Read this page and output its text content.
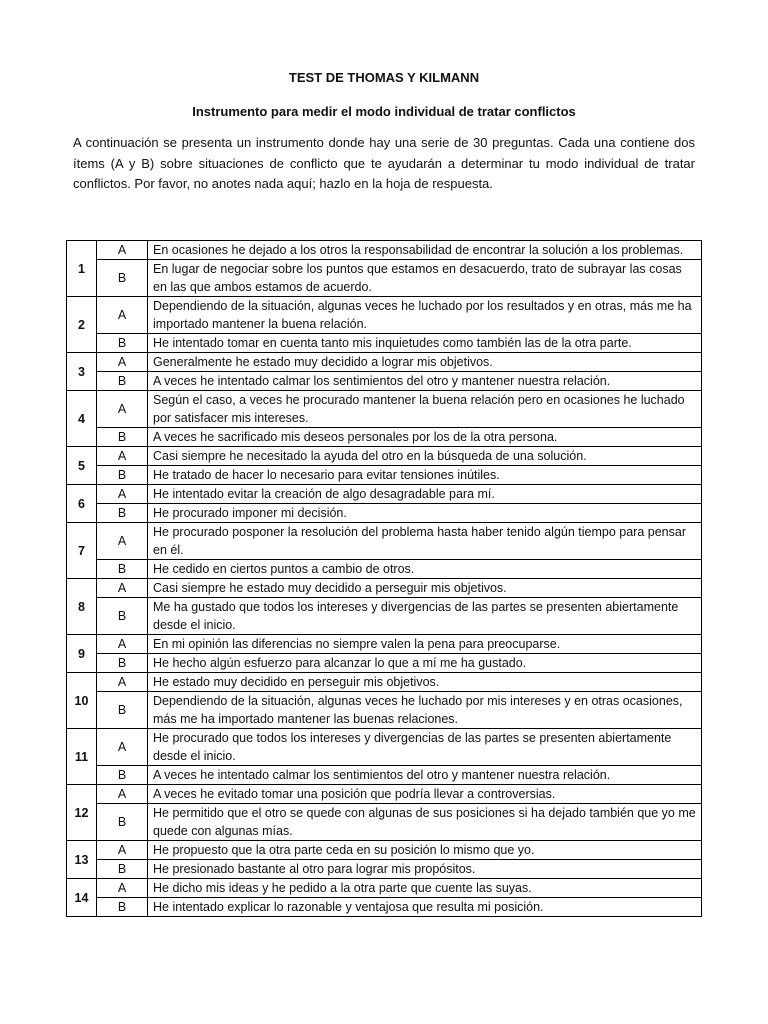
TEST DE THOMAS Y KILMANN

Instrumento para medir el modo individual de tratar conflictos

A continuación se presenta un instrumento donde hay una serie de 30 preguntas. Cada una contiene dos ítems (A y B) sobre situaciones de conflicto que te ayudarán a determinar tu modo individual de tratar conflictos. Por favor, no anotes nada aquí; hazlo en la hoja de respuesta.

1	A	En ocasiones he dejado a los otros la responsabilidad de encontrar la solución a los problemas.
	B	En lugar de negociar sobre los puntos que estamos en desacuerdo, trato de subrayar las cosas en las que ambos estamos de acuerdo.
2	A	Dependiendo de la situación, algunas veces he luchado por los resultados y en otras, más me ha importado mantener la buena relación.
	B	He intentado tomar en cuenta tanto mis inquietudes como también las de la otra parte.
3	A	Generalmente he estado muy decidido a lograr mis objetivos.
	B	A veces he intentado calmar los sentimientos del otro y mantener nuestra relación.
4	A	Según el caso, a veces he procurado mantener la buena relación pero en ocasiones he luchado por satisfacer mis intereses.
	B	A veces he sacrificado mis deseos personales por los de la otra persona.
5	A	Casi siempre he necesitado la ayuda del otro en la búsqueda de una solución.
	B	He tratado de hacer lo necesario para evitar tensiones inútiles.
6	A	He intentado evitar la creación de algo desagradable para mí.
	B	He procurado imponer mi decisión.
7	A	He procurado posponer la resolución del problema hasta haber tenido algún tiempo para pensar en él.
	B	He cedido en ciertos puntos a cambio de otros.
8	A	Casi siempre he estado muy decidido a perseguir mis objetivos.
	B	Me ha gustado que todos los intereses y divergencias de las partes se presenten abiertamente desde el inicio.
9	A	En mi opinión las diferencias no siempre valen la pena para preocuparse.
	B	He hecho algún esfuerzo para alcanzar lo que a mí me ha gustado.
10	A	He estado muy decidido en perseguir mis objetivos.
	B	Dependiendo de la situación, algunas veces he luchado por mis intereses y en otras ocasiones, más me ha importado mantener las buenas relaciones.
11	A	He procurado que todos los intereses y divergencias de las partes se presenten abiertamente desde el inicio.
	B	A veces he intentado calmar los sentimientos del otro y mantener nuestra relación.
12	A	A veces he evitado tomar una posición que podría llevar a controversias.
	B	He permitido que el otro se quede con algunas de sus posiciones si ha dejado también que yo me quede con algunas mías.
13	A	He propuesto que la otra parte ceda en su posición lo mismo que yo.
	B	He presionado bastante al otro para lograr mis propósitos.
14	A	He dicho mis ideas y he pedido a la otra parte que cuente las suyas.
	B	He intentado explicar lo razonable y ventajosa que resulta mi posición.
